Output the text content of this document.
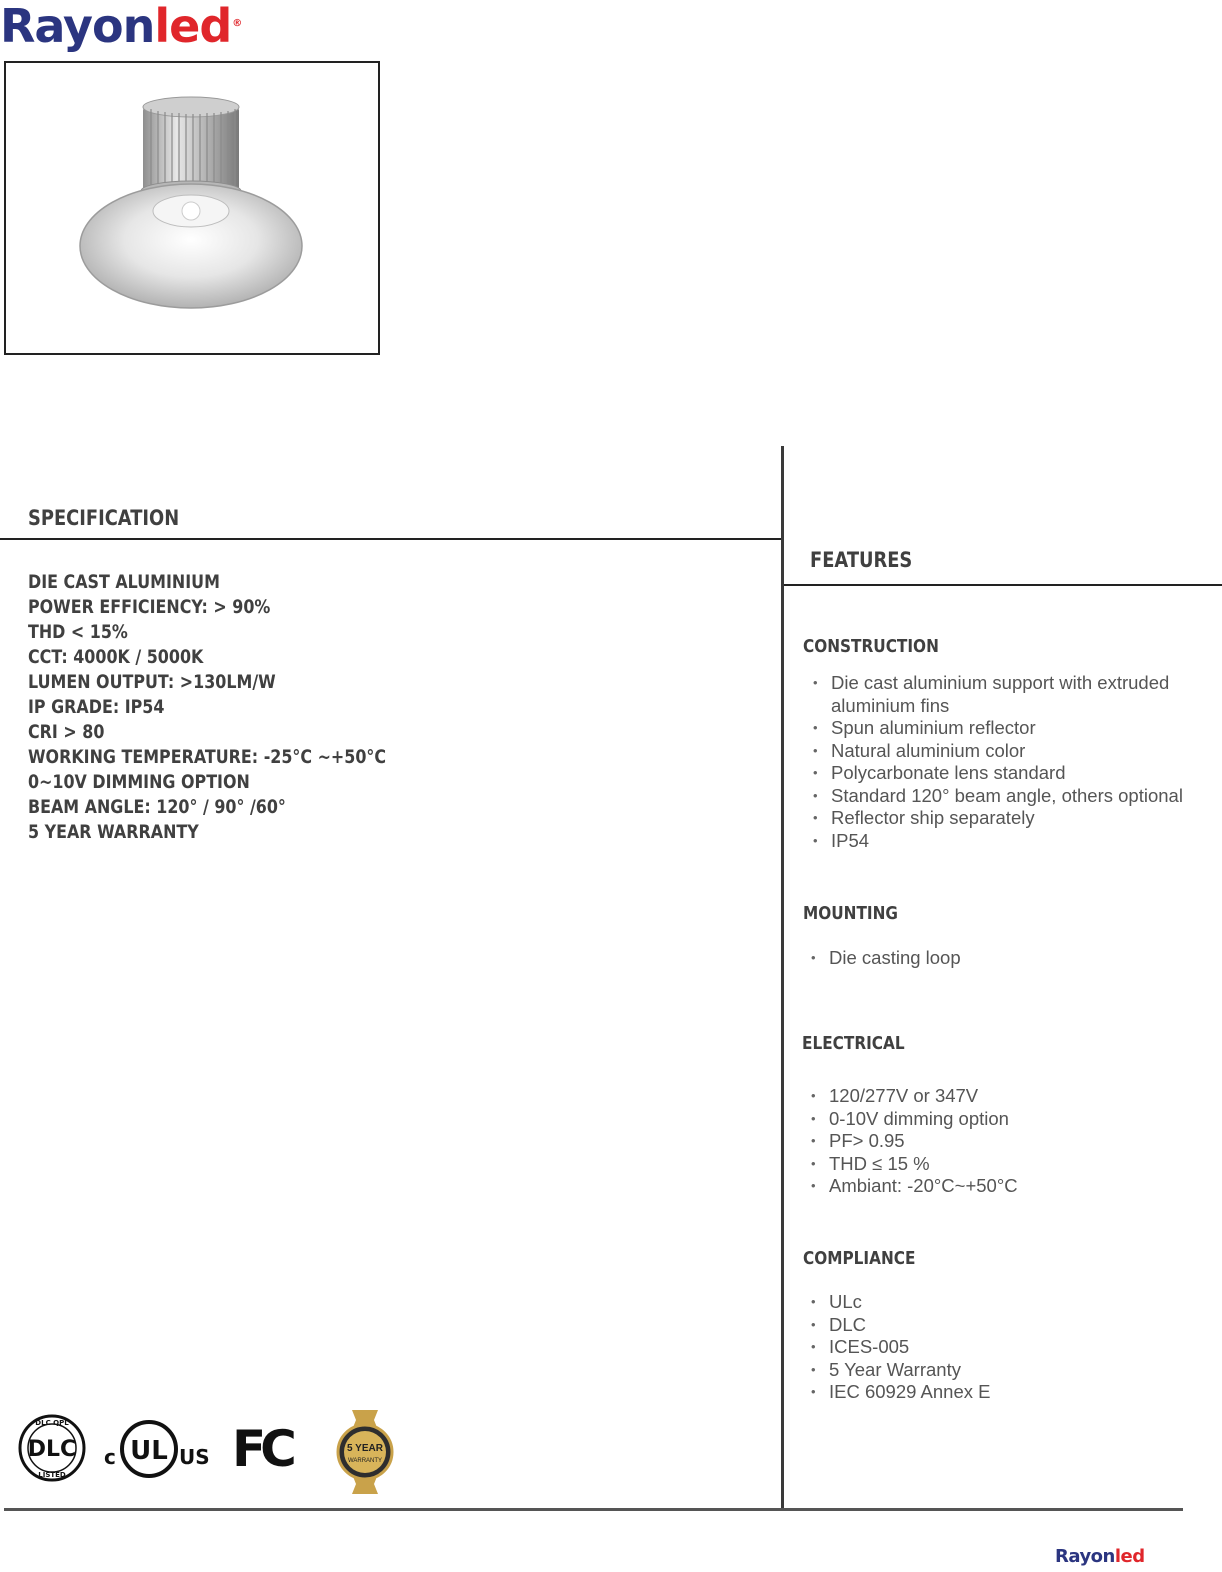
Rayonled®
SPECIFICATION
DIE CAST ALUMINIUM
POWER EFFICIENCY: > 90%
THD < 15%
CCT: 4000K / 5000K
LUMEN OUTPUT: >130LM/W
IP GRADE: IP54
CRI > 80
WORKING TEMPERATURE: -25°C ~+50°C
0~10V DIMMING OPTION
BEAM ANGLE: 120° / 90° /60°
5 YEAR WARRANTY
FEATURES
CONSTRUCTION
• Die cast aluminium support with extruded aluminium fins
• Spun aluminium reflector
• Natural aluminium color
• Polycarbonate lens standard
• Standard 120° beam angle, others optional
• Reflector ship separately
• IP54
MOUNTING
• Die casting loop
ELECTRICAL
• 120/277V or 347V
• 0-10V dimming option
• PF> 0.95
• THD ≤ 15 %
• Ambiant: -20°C~+50°C
COMPLIANCE
• ULc
• DLC
• ICES-005
• 5 Year Warranty
• IEC 60929 Annex E
DLC QPL
DLC
LISTED
c UL US FC	5 YEAR
WARRANTY
Rayonled
